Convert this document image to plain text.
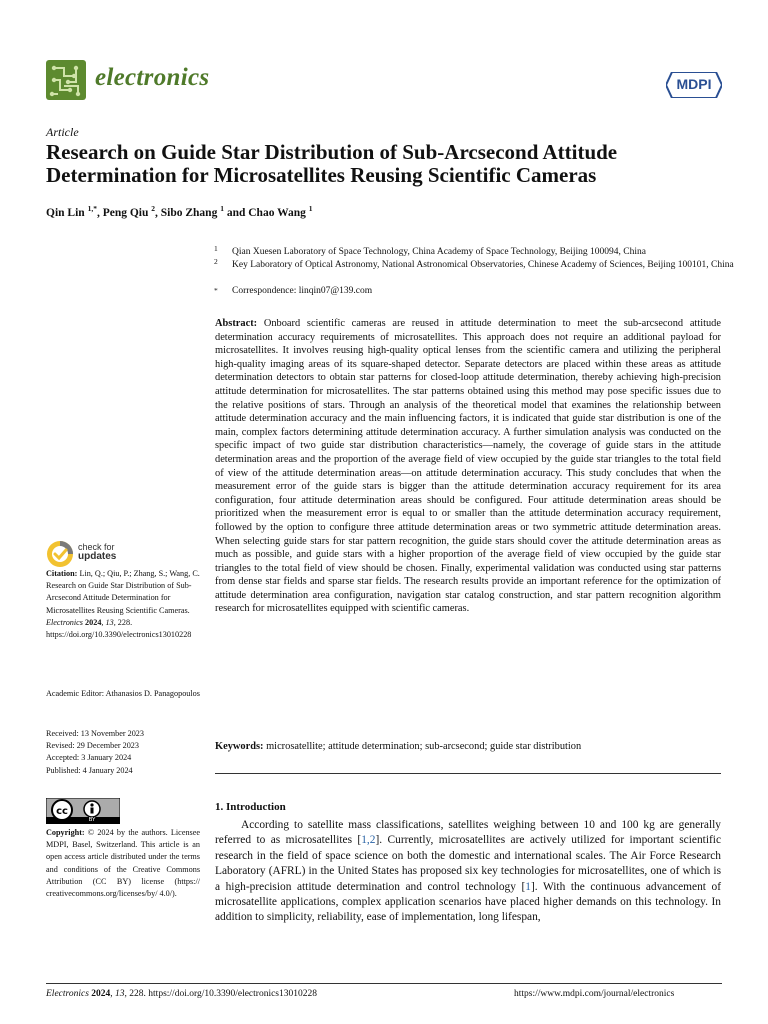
electronics	MDPI
Article
Research on Guide Star Distribution of Sub-Arcsecond Attitude Determination for Microsatellites Reusing Scientific Cameras
Qin Lin $^{1,*}$, Peng Qiu $^2$, Sibo Zhang $^1$ and Chao Wang $^1$
1 Qian Xuesen Laboratory of Space Technology, China Academy of Space Technology, Beijing 100094, China
2 Key Laboratory of Optical Astronomy, National Astronomical Observatories, Chinese Academy of Sciences, Beijing 100101, China
* Correspondence: linqin07@139.com
Abstract: Onboard scientific cameras are reused in attitude determination to meet the sub-arcsecond attitude determination accuracy requirements of microsatellites. This approach does not require an additional payload for microsatellites. It involves reusing high-quality optical lenses from the scientific camera and utilizing the peripheral high-quality imaging areas of its square-shaped detector. Separate detectors are placed within these areas as attitude determination detectors to obtain star patterns for closed-loop attitude determination, thereby achieving high-precision attitude determination for microsatellites. The star patterns obtained using this method may pose specific issues due to the relative positions of stars. Through an analysis of the theoretical model that examines the relationship between attitude determination accuracy and the main influencing factors, it is indicated that guide star distribution is one of the main, complex factors determining attitude determination accuracy. A further simulation analysis was conducted on the specific impact of two guide star distribution characteristics—namely, the coverage of guide stars in the attitude determination areas and the proportion of the average field of view occupied by the guide star triangles to the total field of view of the attitude determination areas—on attitude determination accuracy. This study concludes that when the measurement error of the guide stars is bigger than the attitude determination accuracy requirement for its area configuration, four attitude determination areas should be configured. Four attitude determination areas should be prioritized when the measurement error is equal to or smaller than the attitude determination accuracy requirement, followed by the option to configure three attitude determination areas or two symmetric attitude determination areas. When selecting guide stars for star pattern recognition, the guide stars should cover the attitude determination areas as much as possible, and guide stars with a higher proportion of the average field of view occupied by the guide star triangles to the total field of view should be chosen. Finally, experimental validation was conducted using star patterns from dense star fields and sparse star fields. The research results provide an important reference for the optimization of attitude determination area configuration, navigation star catalog construction, and star pattern recognition algorithm research for microsatellites equipped with scientific cameras.
Keywords: microsatellite; attitude determination; sub-arcsecond; guide star distribution
1. Introduction
According to satellite mass classifications, satellites weighing between 10 and 100 kg are generally referred to as microsatellites [1,2]. Currently, microsatellites are actively utilized for important scientific research in the field of space science on both the domestic and international scales. The Air Force Research Laboratory (AFRL) in the United States has proposed six key technologies for microsatellites, one of which is a high-precision attitude determination and control technology [1]. With the continuous advancement of microsatellite applications, complex application scenarios have placed higher demands on this technology. In addition to simplicity, reliability, ease of implementation, long lifespan,
check for
updates
Citation: Lin, Q.; Qiu, P.; Zhang, S.; Wang, C. Research on Guide Star Distribution of Sub-Arcsecond Attitude Determination for Microsatellites Reusing Scientific Cameras. Electronics 2024, 13, 228. https://doi.org/10.3390/electronics13010228
Academic Editor: Athanasios D. Panagopoulos
Received: 13 November 2023
Revised: 29 December 2023
Accepted: 3 January 2024
Published: 4 January 2024
cc
BY
Copyright: © 2024 by the authors. Licensee MDPI, Basel, Switzerland. This article is an open access article distributed under the terms and conditions of the Creative Commons Attribution (CC BY) license (https:// creativecommons.org/licenses/by/ 4.0/).
Electronics 2024, 13, 228. https://doi.org/10.3390/electronics13010228	https://www.mdpi.com/journal/electronics
